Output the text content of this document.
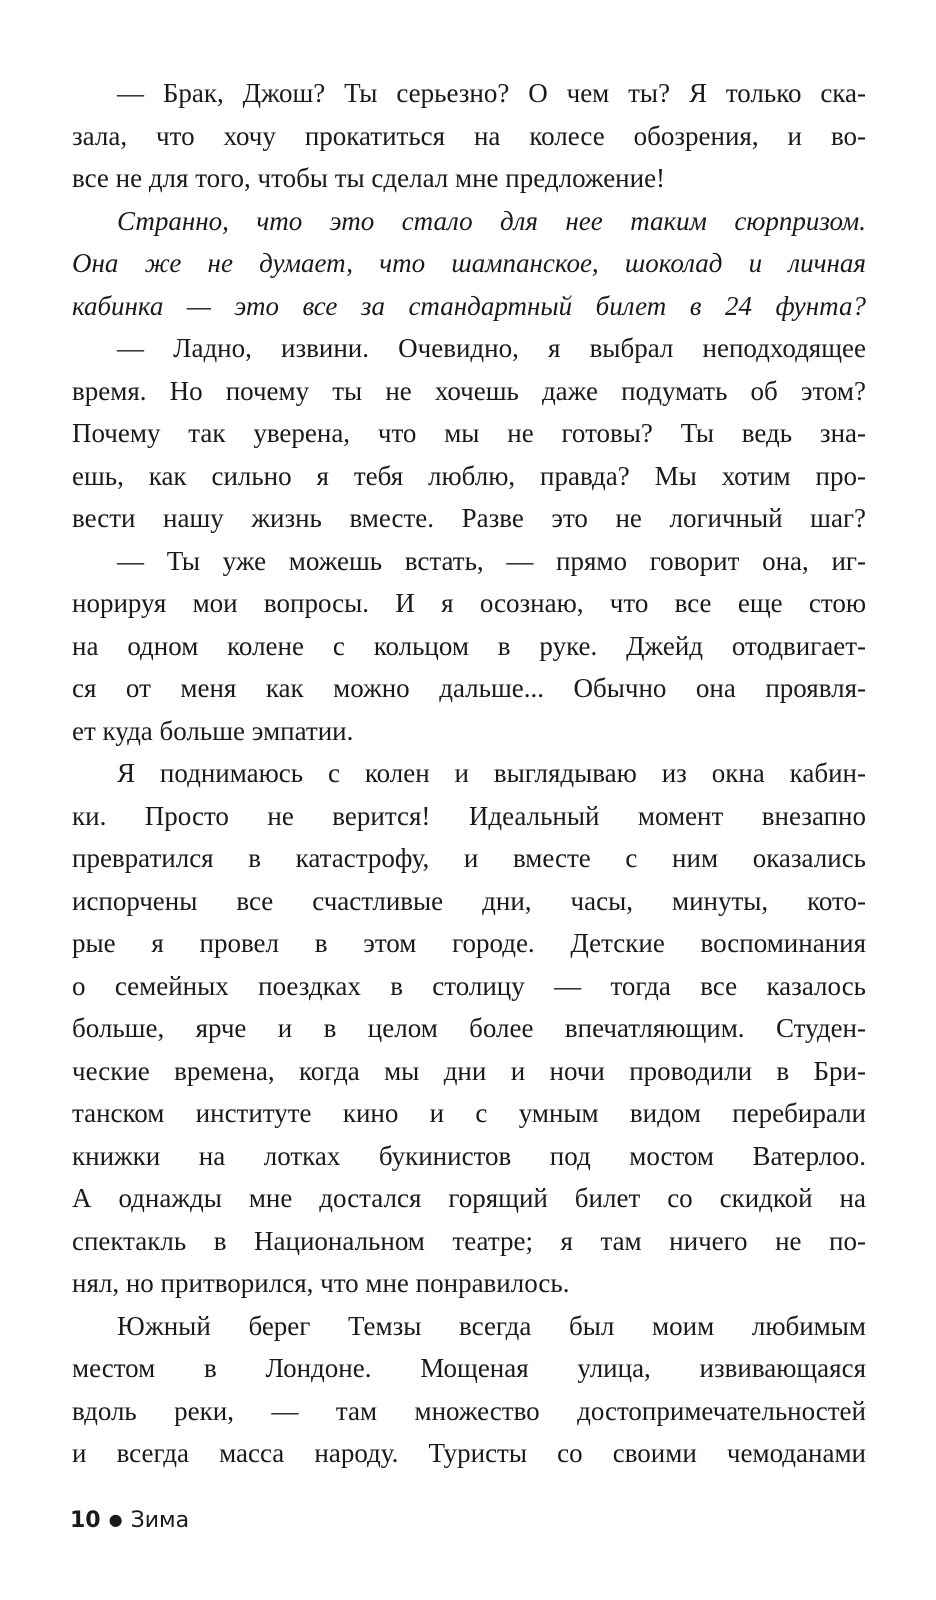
— Брак, Джош? Ты серьезно? О чем ты? Я только ска-
зала, что хочу прокатиться на колесе обозрения, и во-
все не для того, чтобы ты сделал мне предложение!
Странно, что это стало для нее таким сюрпризом.
Она же не думает, что шампанское, шоколад и личная
кабинка — это все за стандартный билет в 24 фунта?
— Ладно, извини. Очевидно, я выбрал неподходящее
время. Но почему ты не хочешь даже подумать об этом?
Почему так уверена, что мы не готовы? Ты ведь зна-
ешь, как сильно я тебя люблю, правда? Мы хотим про-
вести нашу жизнь вместе. Разве это не логичный шаг?
— Ты уже можешь встать, — прямо говорит она, иг-
норируя мои вопросы. И я осознаю, что все еще стою
на одном колене с кольцом в руке. Джейд отодвигает-
ся от меня как можно дальше... Обычно она проявля-
ет куда больше эмпатии.
Я поднимаюсь с колен и выглядываю из окна кабин-
ки. Просто не верится! Идеальный момент внезапно
превратился в катастрофу, и вместе с ним оказались
испорчены все счастливые дни, часы, минуты, кото-
рые я провел в этом городе. Детские воспоминания
о семейных поездках в столицу — тогда все казалось
больше, ярче и в целом более впечатляющим. Студен-
ческие времена, когда мы дни и ночи проводили в Бри-
танском институте кино и с умным видом перебирали
книжки на лотках букинистов под мостом Ватерлоо.
А однажды мне достался горящий билет со скидкой на
спектакль в Национальном театре; я там ничего не по-
нял, но притворился, что мне понравилось.
Южный берег Темзы всегда был моим любимым
местом в Лондоне. Мощеная улица, извивающаяся
вдоль реки, — там множество достопримечательностей
и всегда масса народу. Туристы со своими чемоданами
10 ● Зима
